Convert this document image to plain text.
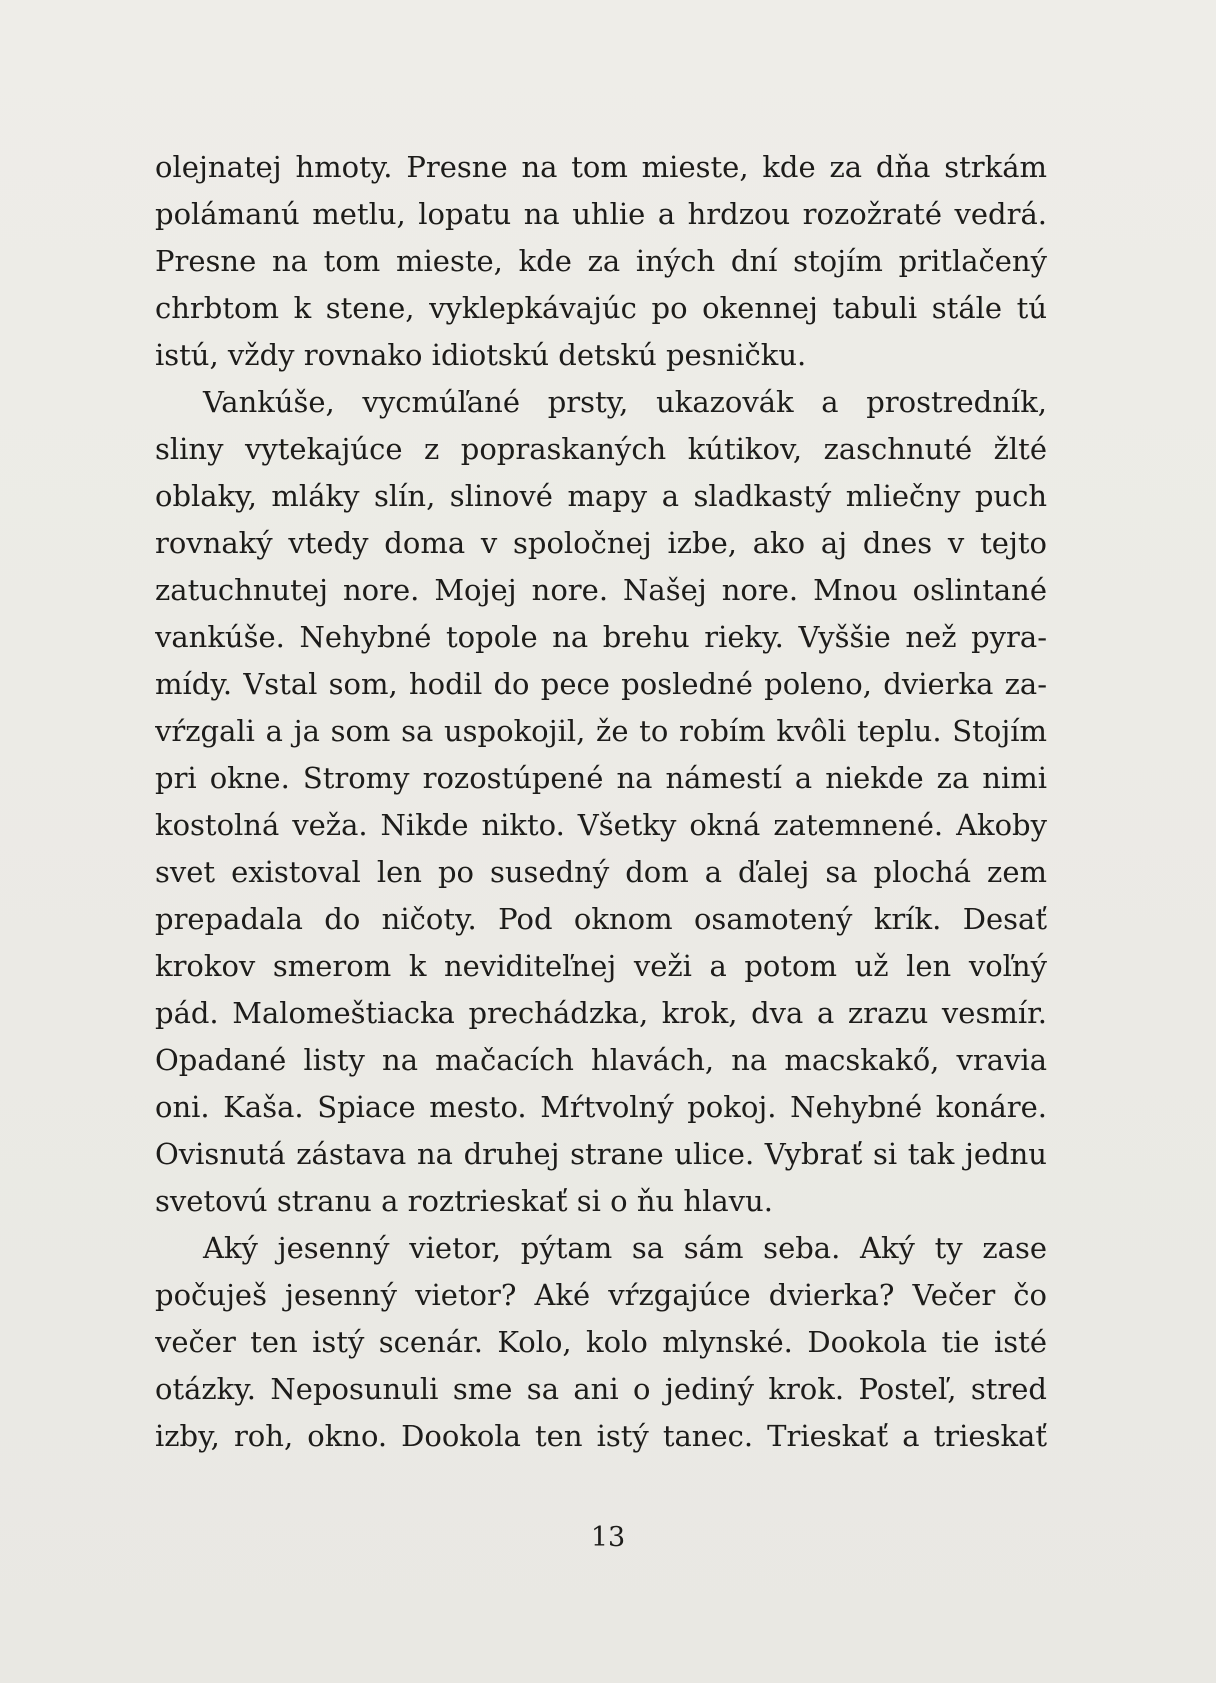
olejnatej hmoty. Presne na tom mieste, kde za dňa strkám
polámanú metlu, lopatu na uhlie a hrdzou rozožraté vedrá.
Presne na tom mieste, kde za iných dní stojím pritlačený
chrbtom k stene, vyklepkávajúc po okennej tabuli stále tú
istú, vždy rovnako idiotskú detskú pesničku.

Vankúše, vycmúľané prsty, ukazovák a prostredník,
sliny vytekajúce z popraskaných kútikov, zaschnuté žlté
oblaky, mláky slín, slinové mapy a sladkastý mliečny puch
rovnaký vtedy doma v spoločnej izbe, ako aj dnes v tejto
zatuchnutej nore. Mojej nore. Našej nore. Mnou oslintané
vankúše. Nehybné topole na brehu rieky. Vyššie než pyra-
mídy. Vstal som, hodil do pece posledné poleno, dvierka za-
vŕzgali a ja som sa uspokojil, že to robím kvôli teplu. Stojím
pri okne. Stromy rozostúpené na námestí a niekde za nimi
kostolná veža. Nikde nikto. Všetky okná zatemnené. Akoby
svet existoval len po susedný dom a ďalej sa plochá zem
prepadala do ničoty. Pod oknom osamotený krík. Desať
krokov smerom k neviditeľnej veži a potom už len voľný
pád. Malomeštiacka prechádzka, krok, dva a zrazu vesmír.
Opadané listy na mačacích hlavách, na macskakő, vravia
oni. Kaša. Spiace mesto. Mŕtvolný pokoj. Nehybné konáre.
Ovisnutá zástava na druhej strane ulice. Vybrať si tak jednu
svetovú stranu a roztrieskať si o ňu hlavu.

Aký jesenný vietor, pýtam sa sám seba. Aký ty zase
počuješ jesenný vietor? Aké vŕzgajúce dvierka? Večer čo
večer ten istý scenár. Kolo, kolo mlynské. Dookola tie isté
otázky. Neposunuli sme sa ani o jediný krok. Posteľ, stred
izby, roh, okno. Dookola ten istý tanec. Trieskať a trieskať

13
